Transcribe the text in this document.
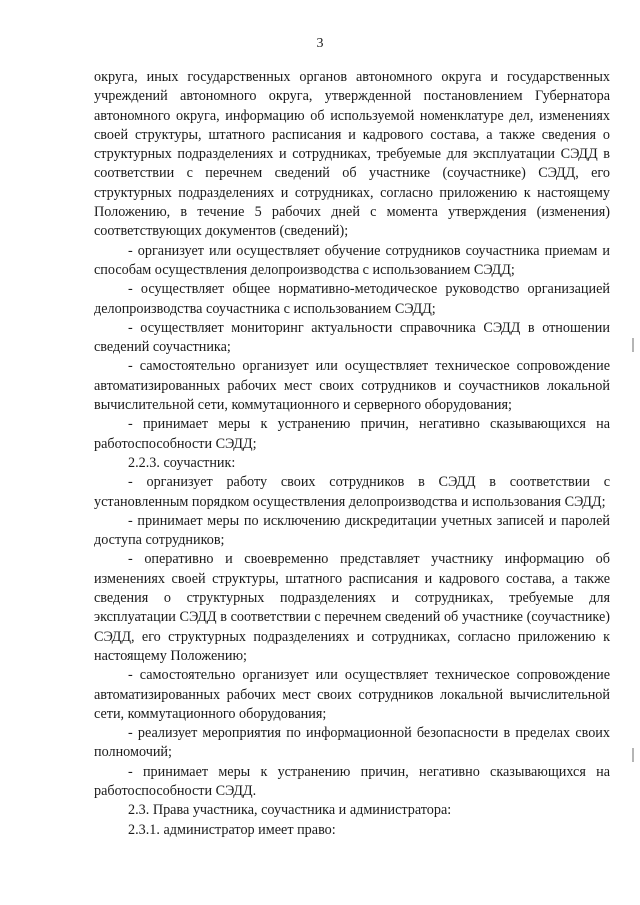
3

округа, иных государственных органов автономного округа и государственных учреждений автономного округа, утвержденной постановлением Губернатора автономного округа, информацию об используемой номенклатуре дел, изменениях своей структуры, штатного расписания и кадрового состава, а также сведения о структурных подразделениях и сотрудниках, требуемые для эксплуатации СЭДД в соответствии с перечнем сведений об участнике (соучастнике) СЭДД, его структурных подразделениях и сотрудниках, согласно приложению к настоящему Положению, в течение 5 рабочих дней с момента утверждения (изменения) соответствующих документов (сведений);

- организует или осуществляет обучение сотрудников соучастника приемам и способам осуществления делопроизводства с использованием СЭДД;

- осуществляет общее нормативно-методическое руководство организацией делопроизводства соучастника с использованием СЭДД;

- осуществляет мониторинг актуальности справочника СЭДД в отношении сведений соучастника;

- самостоятельно организует или осуществляет техническое сопровождение автоматизированных рабочих мест своих сотрудников и соучастников локальной вычислительной сети, коммутационного и серверного оборудования;

- принимает меры к устранению причин, негативно сказывающихся на работоспособности СЭДД;

2.2.3. соучастник:

- организует работу своих сотрудников в СЭДД в соответствии с установленным порядком осуществления делопроизводства и использования СЭДД;

- принимает меры по исключению дискредитации учетных записей и паролей доступа сотрудников;

- оперативно и своевременно представляет участнику информацию об изменениях своей структуры, штатного расписания и кадрового состава, а также сведения о структурных подразделениях и сотрудниках, требуемые для эксплуатации СЭДД в соответствии с перечнем сведений об участнике (соучастнике) СЭДД, его структурных подразделениях и сотрудниках, согласно приложению к настоящему Положению;

- самостоятельно организует или осуществляет техническое сопровождение автоматизированных рабочих мест своих сотрудников локальной вычислительной сети, коммутационного оборудования;

- реализует мероприятия по информационной безопасности в пределах своих полномочий;

- принимает меры к устранению причин, негативно сказывающихся на работоспособности СЭДД.

2.3. Права участника, соучастника и администратора:

2.3.1. администратор имеет право:
